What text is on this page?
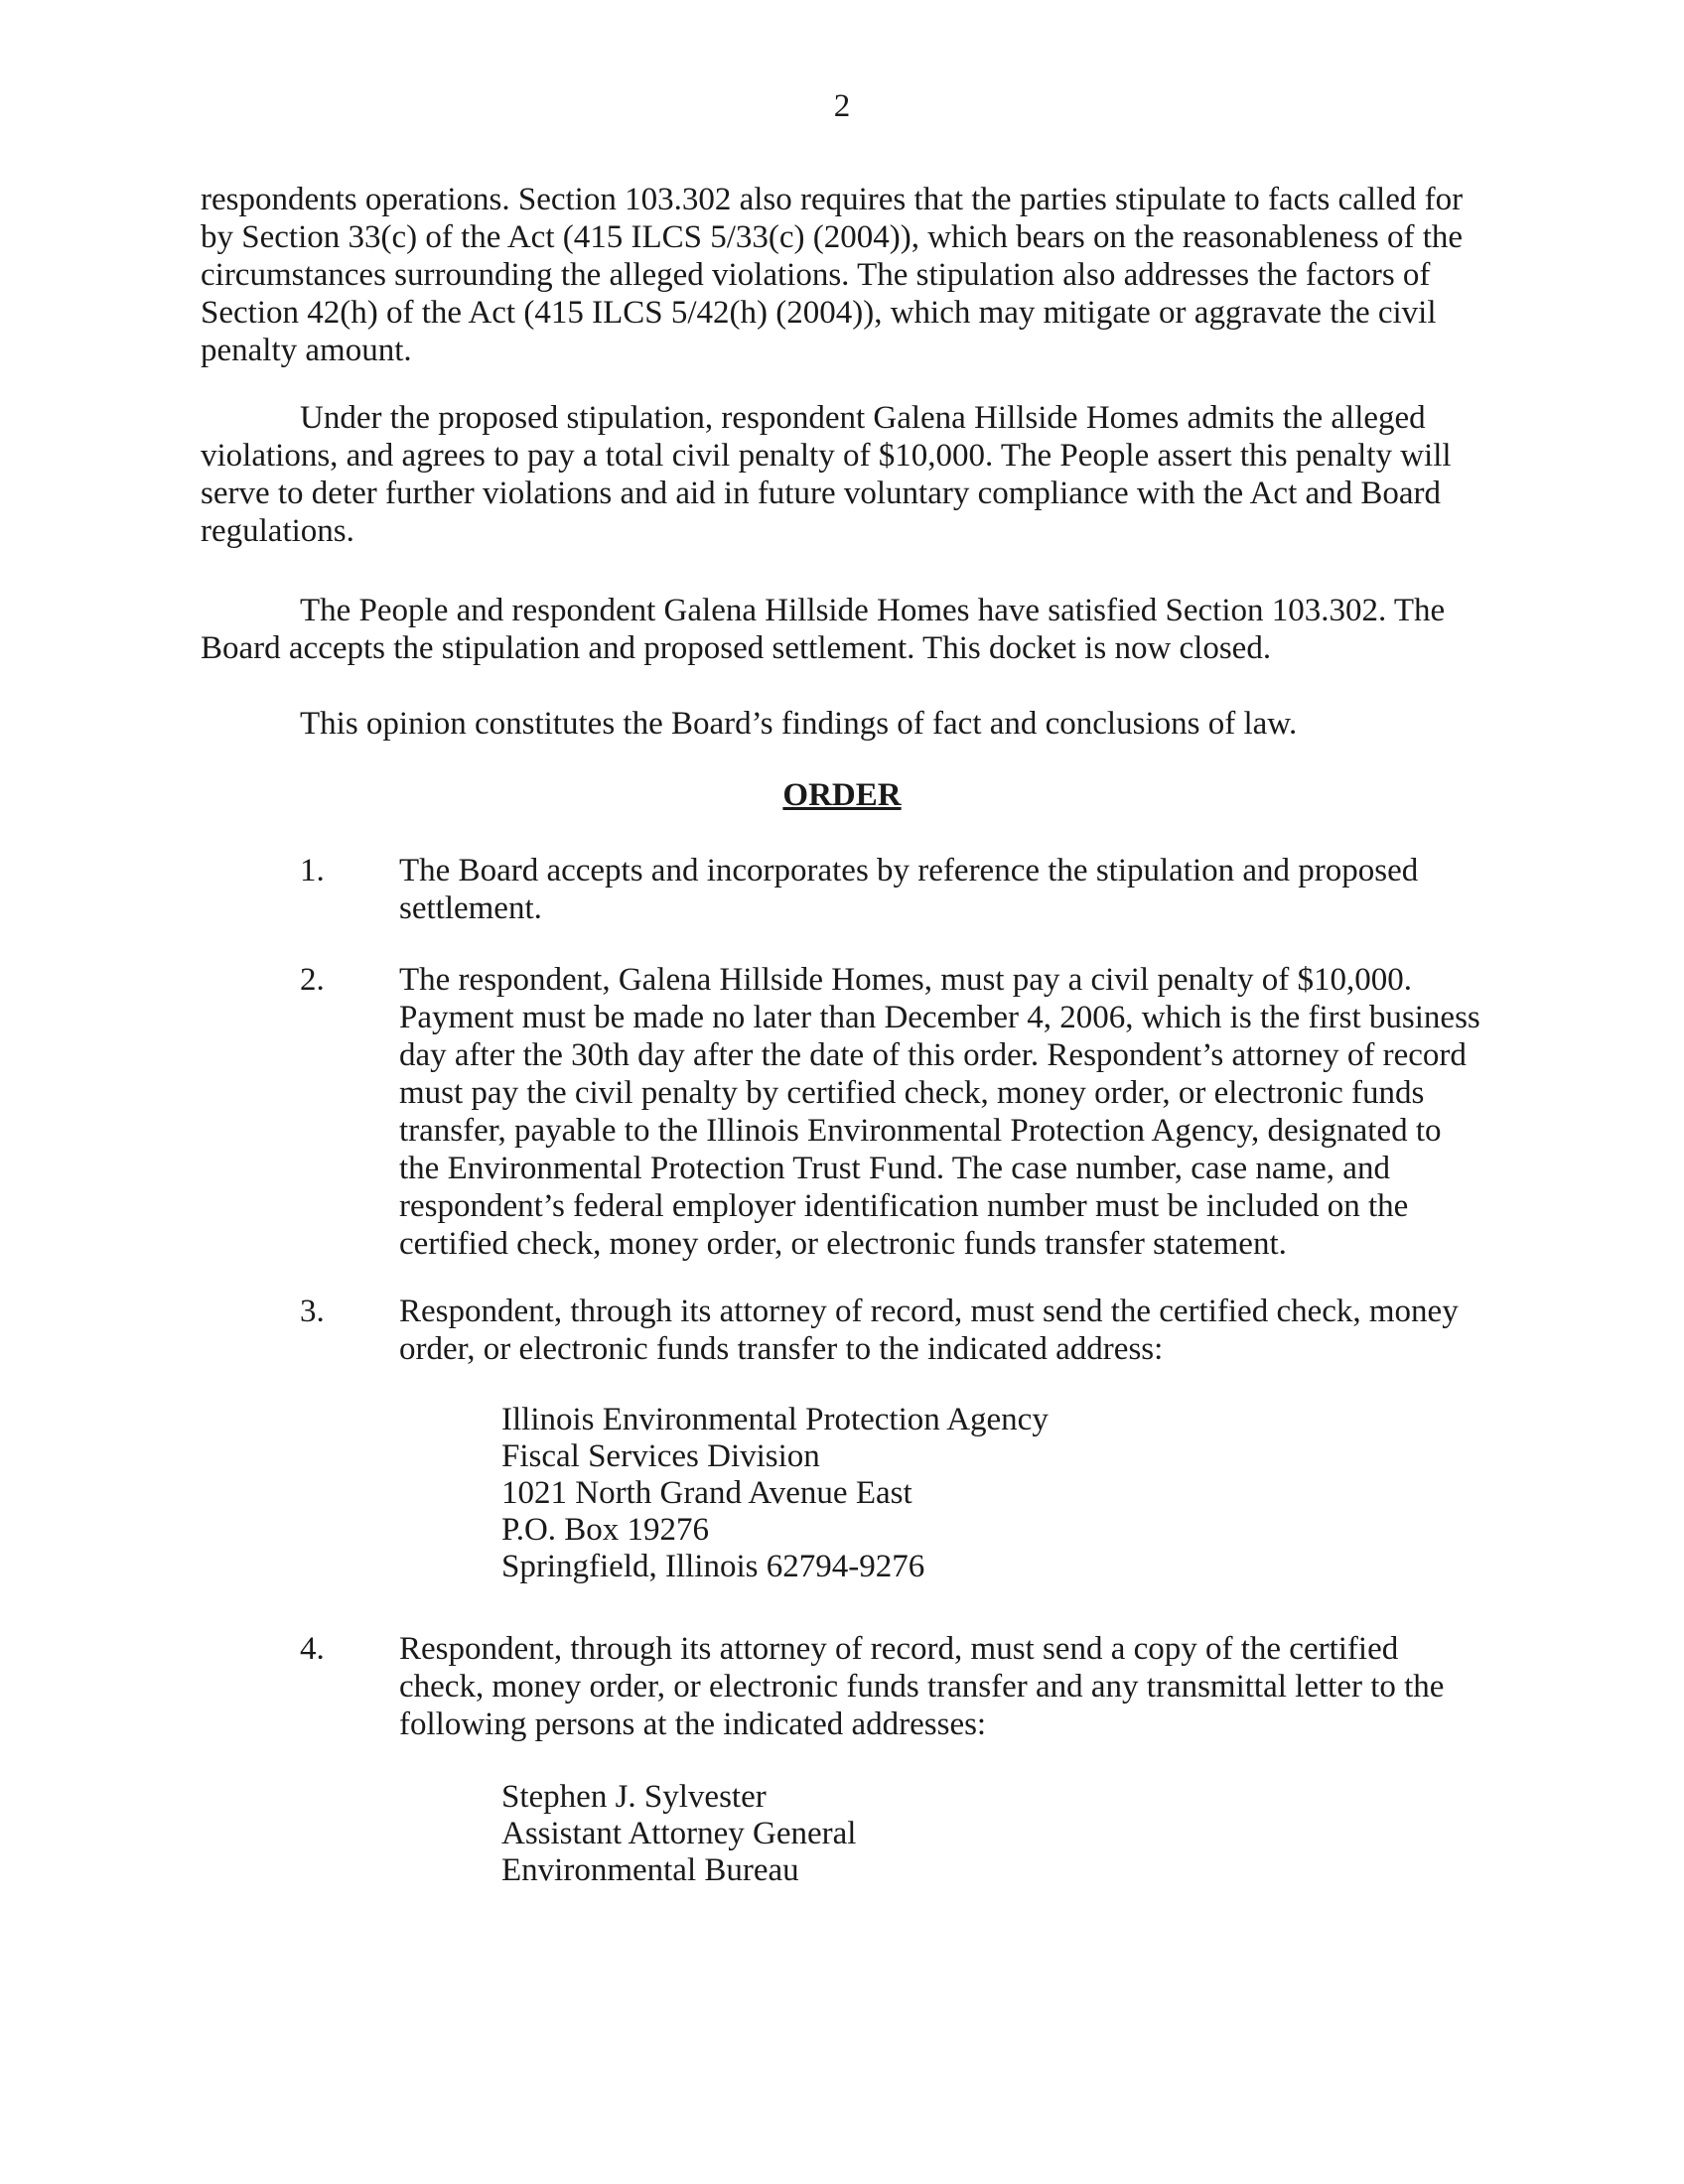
2

respondents operations. Section 103.302 also requires that the parties stipulate to facts called for by Section 33(c) of the Act (415 ILCS 5/33(c) (2004)), which bears on the reasonableness of the circumstances surrounding the alleged violations. The stipulation also addresses the factors of Section 42(h) of the Act (415 ILCS 5/42(h) (2004)), which may mitigate or aggravate the civil penalty amount.

Under the proposed stipulation, respondent Galena Hillside Homes admits the alleged violations, and agrees to pay a total civil penalty of $10,000. The People assert this penalty will serve to deter further violations and aid in future voluntary compliance with the Act and Board regulations.

The People and respondent Galena Hillside Homes have satisfied Section 103.302. The Board accepts the stipulation and proposed settlement. This docket is now closed.

This opinion constitutes the Board’s findings of fact and conclusions of law.

ORDER
1. The Board accepts and incorporates by reference the stipulation and proposed settlement.
2. The respondent, Galena Hillside Homes, must pay a civil penalty of $10,000. Payment must be made no later than December 4, 2006, which is the first business day after the 30th day after the date of this order. Respondent’s attorney of record must pay the civil penalty by certified check, money order, or electronic funds transfer, payable to the Illinois Environmental Protection Agency, designated to the Environmental Protection Trust Fund. The case number, case name, and respondent’s federal employer identification number must be included on the certified check, money order, or electronic funds transfer statement.
3. Respondent, through its attorney of record, must send the certified check, money order, or electronic funds transfer to the indicated address:
Illinois Environmental Protection Agency
Fiscal Services Division
1021 North Grand Avenue East
P.O. Box 19276
Springfield, Illinois 62794-9276
4. Respondent, through its attorney of record, must send a copy of the certified check, money order, or electronic funds transfer and any transmittal letter to the following persons at the indicated addresses:
Stephen J. Sylvester
Assistant Attorney General
Environmental Bureau
